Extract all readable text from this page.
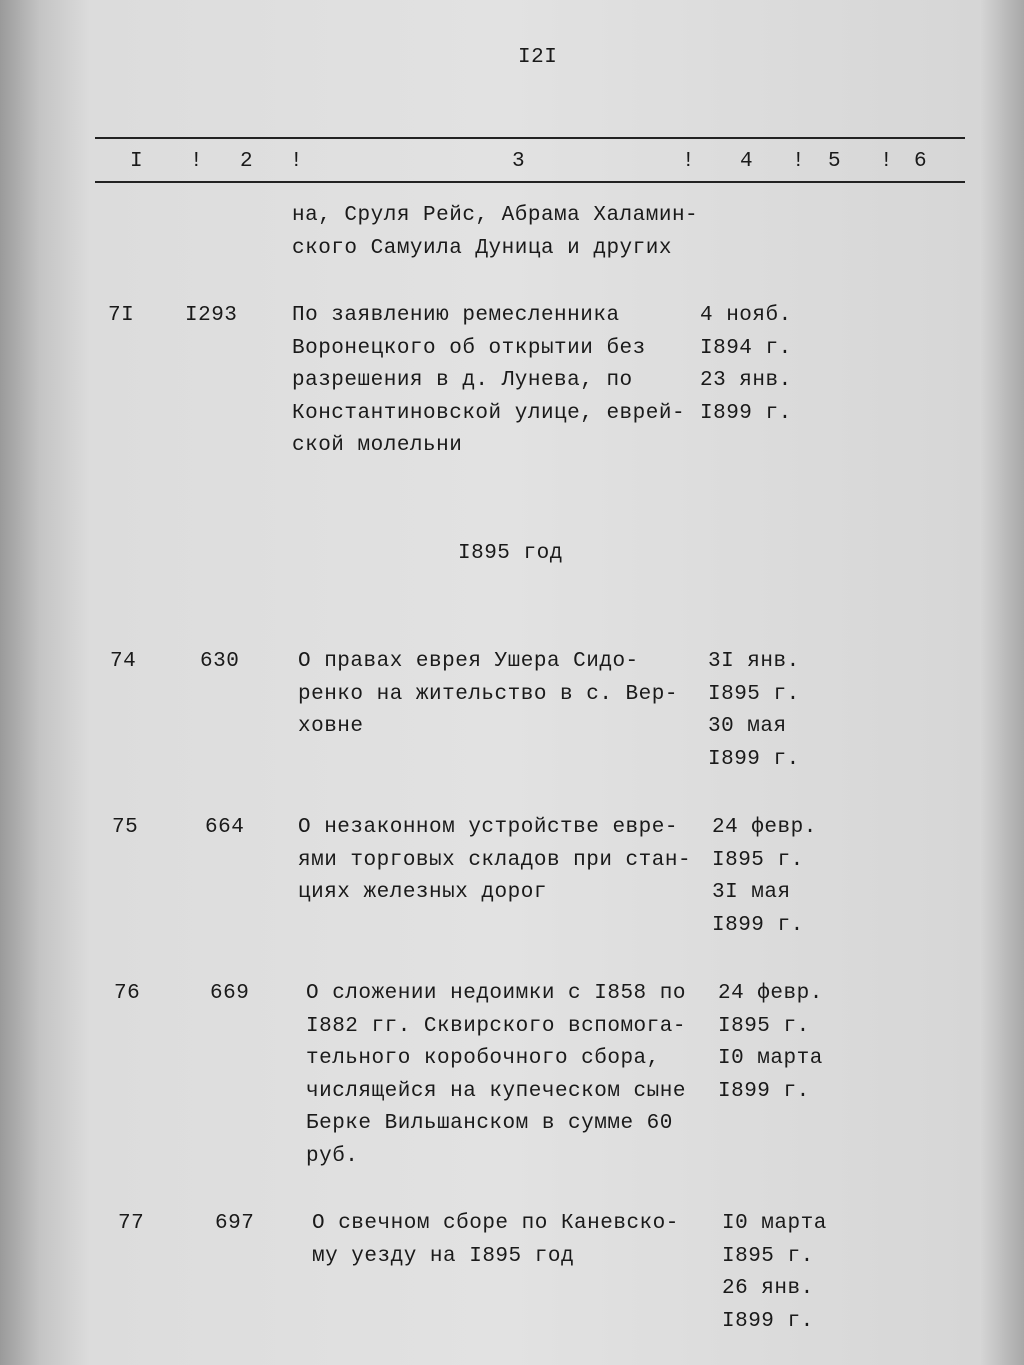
I2I
I ! 2 !	3	! 4 ! 5 ! 6
на, Сруля Рейс, Абрама Халамин-
ского Самуила Дуница и других
I895 год
7I I293	По заявлению ремесленника
Воронецкого об открытии без
разрешения в д. Лунева, по
Константиновской улице, еврей-
ской молельни
4 нояб.
I894 г.
23 янв.
I899 г.
74	630	О правах еврея Ушера Сидо-
ренко на жительство в с. Вер-
ховне
3I янв.
I895 г.
30 мая
I899 г.
75	664	О незаконном устройстве евре-
ями торговых складов при стан-
циях железных дорог
24 февр.
I895 г.
3I мая
I899 г.
76	669	О сложении недоимки с I858 по
I882 гг. Сквирского вспомога-
тельного коробочного сбора,
числящейся на купеческом сыне
Берке Вильшанском в сумме 60
руб.
24 февр.
I895 г.
I0 марта
I899 г.
77	697	О свечном сборе по Каневско-
му уезду на I895 год
I0 марта
I895 г.
26 янв.
I899 г.
